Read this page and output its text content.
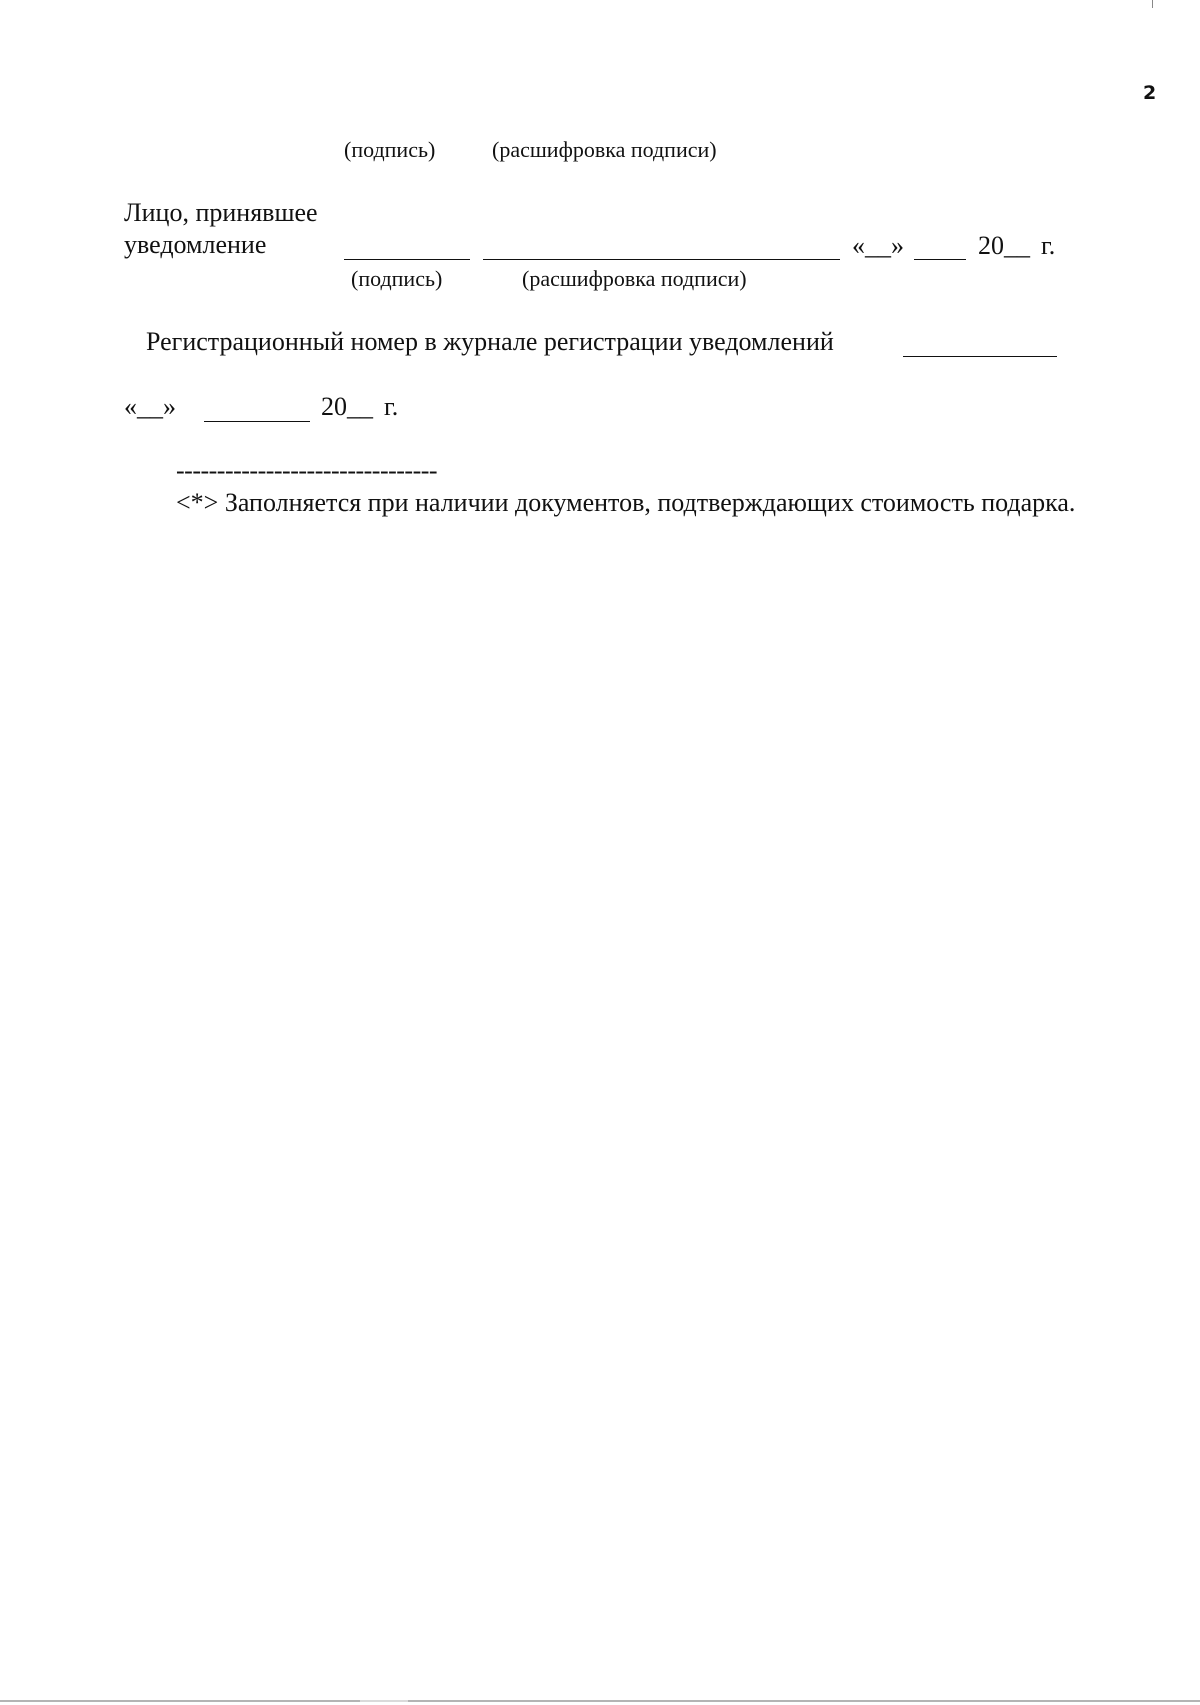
2
(подпись)	(расшифровка подписи)
Лицо, принявшее
уведомление	«__»	20__ г.
(подпись)	(расшифровка подписи)
Регистрационный номер в журнале регистрации уведомлений
«__»	20__ г.
--------------------------------
<*> Заполняется при наличии документов, подтверждающих стоимость подарка.
